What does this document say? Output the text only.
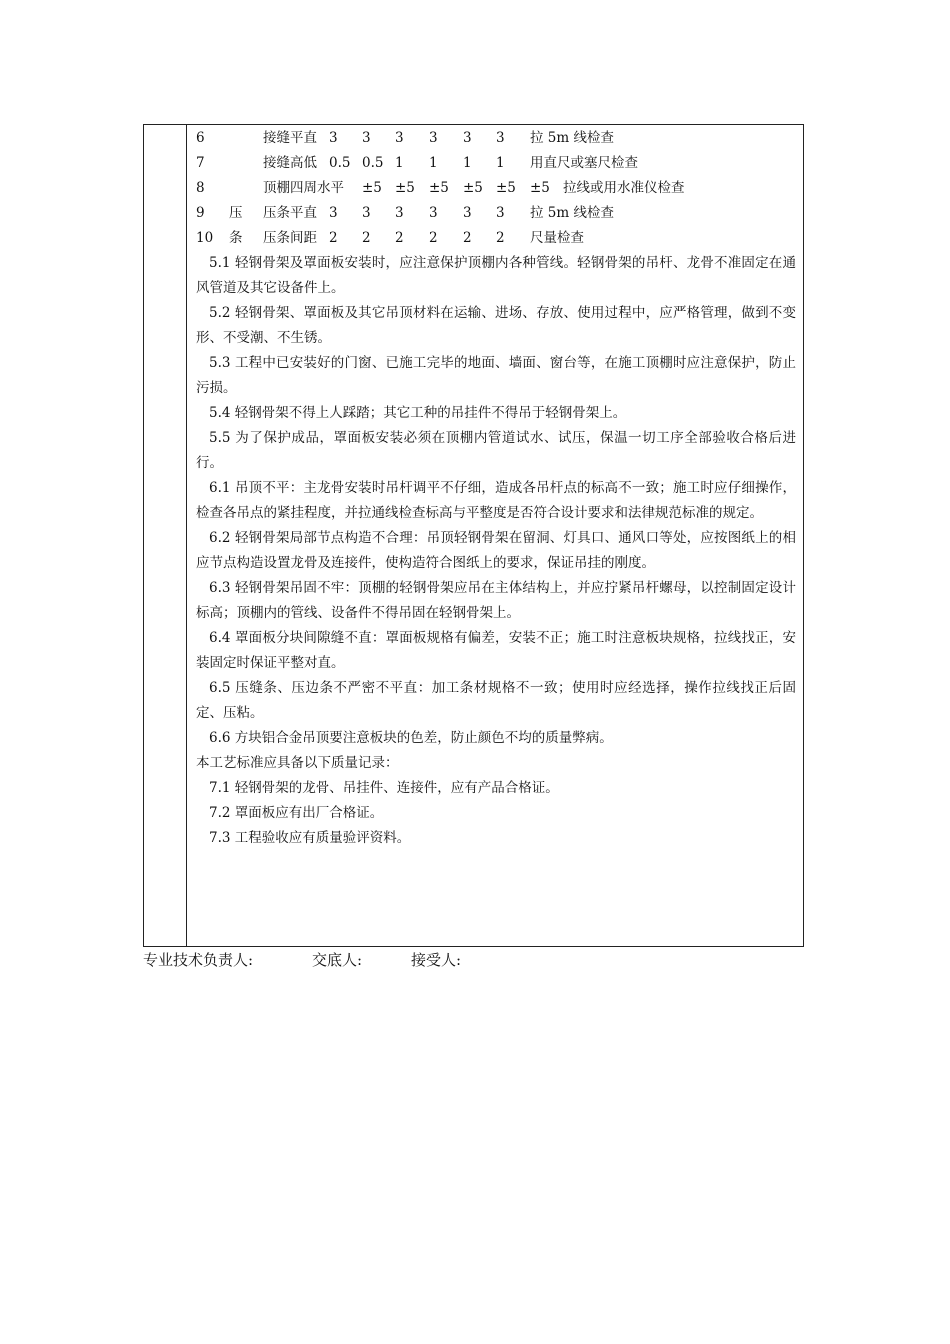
6	接缝平直 3 3 3 3 3 3 拉 5m 线检查
7	接缝高低 0.5 0.5 1 1 1 1 用直尺或塞尺检查
8	顶棚四周水平 ±5 ±5 ±5 ±5 ±5 ±5 拉线或用水准仪检查
9 压 压条平直 3 3 3 3 3 3 拉 5m 线检查
10 条 压条间距 2 2 2 2 2 2 尺量检查

5.1 轻钢骨架及罩面板安装时，应注意保护顶棚内各种管线。轻钢骨架的吊杆、龙骨不准固定在通风管道及其它设备件上。

5.2 轻钢骨架、罩面板及其它吊顶材料在运输、进场、存放、使用过程中，应严格管理，做到不变形、不受潮、不生锈。

5.3 工程中已安装好的门窗、已施工完毕的地面、墙面、窗台等，在施工顶棚时应注意保护，防止污损。

5.4 轻钢骨架不得上人踩踏；其它工种的吊挂件不得吊于轻钢骨架上。

5.5 为了保护成品，罩面板安装必须在顶棚内管道试水、试压，保温一切工序全部验收合格后进行。

6.1 吊顶不平：主龙骨安装时吊杆调平不仔细，造成各吊杆点的标高不一致；施工时应仔细操作，检查各吊点的紧挂程度，并拉通线检查标高与平整度是否符合设计要求和法律规范标准的规定。

6.2 轻钢骨架局部节点构造不合理：吊顶轻钢骨架在留洞、灯具口、通风口等处，应按图纸上的相应节点构造设置龙骨及连接件，使构造符合图纸上的要求，保证吊挂的刚度。

6.3 轻钢骨架吊固不牢：顶棚的轻钢骨架应吊在主体结构上，并应拧紧吊杆螺母，以控制固定设计标高；顶棚内的管线、设备件不得吊固在轻钢骨架上。

6.4 罩面板分块间隙缝不直：罩面板规格有偏差，安装不正；施工时注意板块规格，拉线找正，安装固定时保证平整对直。

6.5 压缝条、压边条不严密不平直：加工条材规格不一致；使用时应经选择，操作拉线找正后固定、压粘。

6.6 方块铝合金吊顶要注意板块的色差，防止颜色不均的质量弊病。

本工艺标准应具备以下质量记录：

7.1 轻钢骨架的龙骨、吊挂件、连接件，应有产品合格证。

7.2 罩面板应有出厂合格证。

7.3 工程验收应有质量验评资料。

专业技术负责人:	交底人:	接受人:
